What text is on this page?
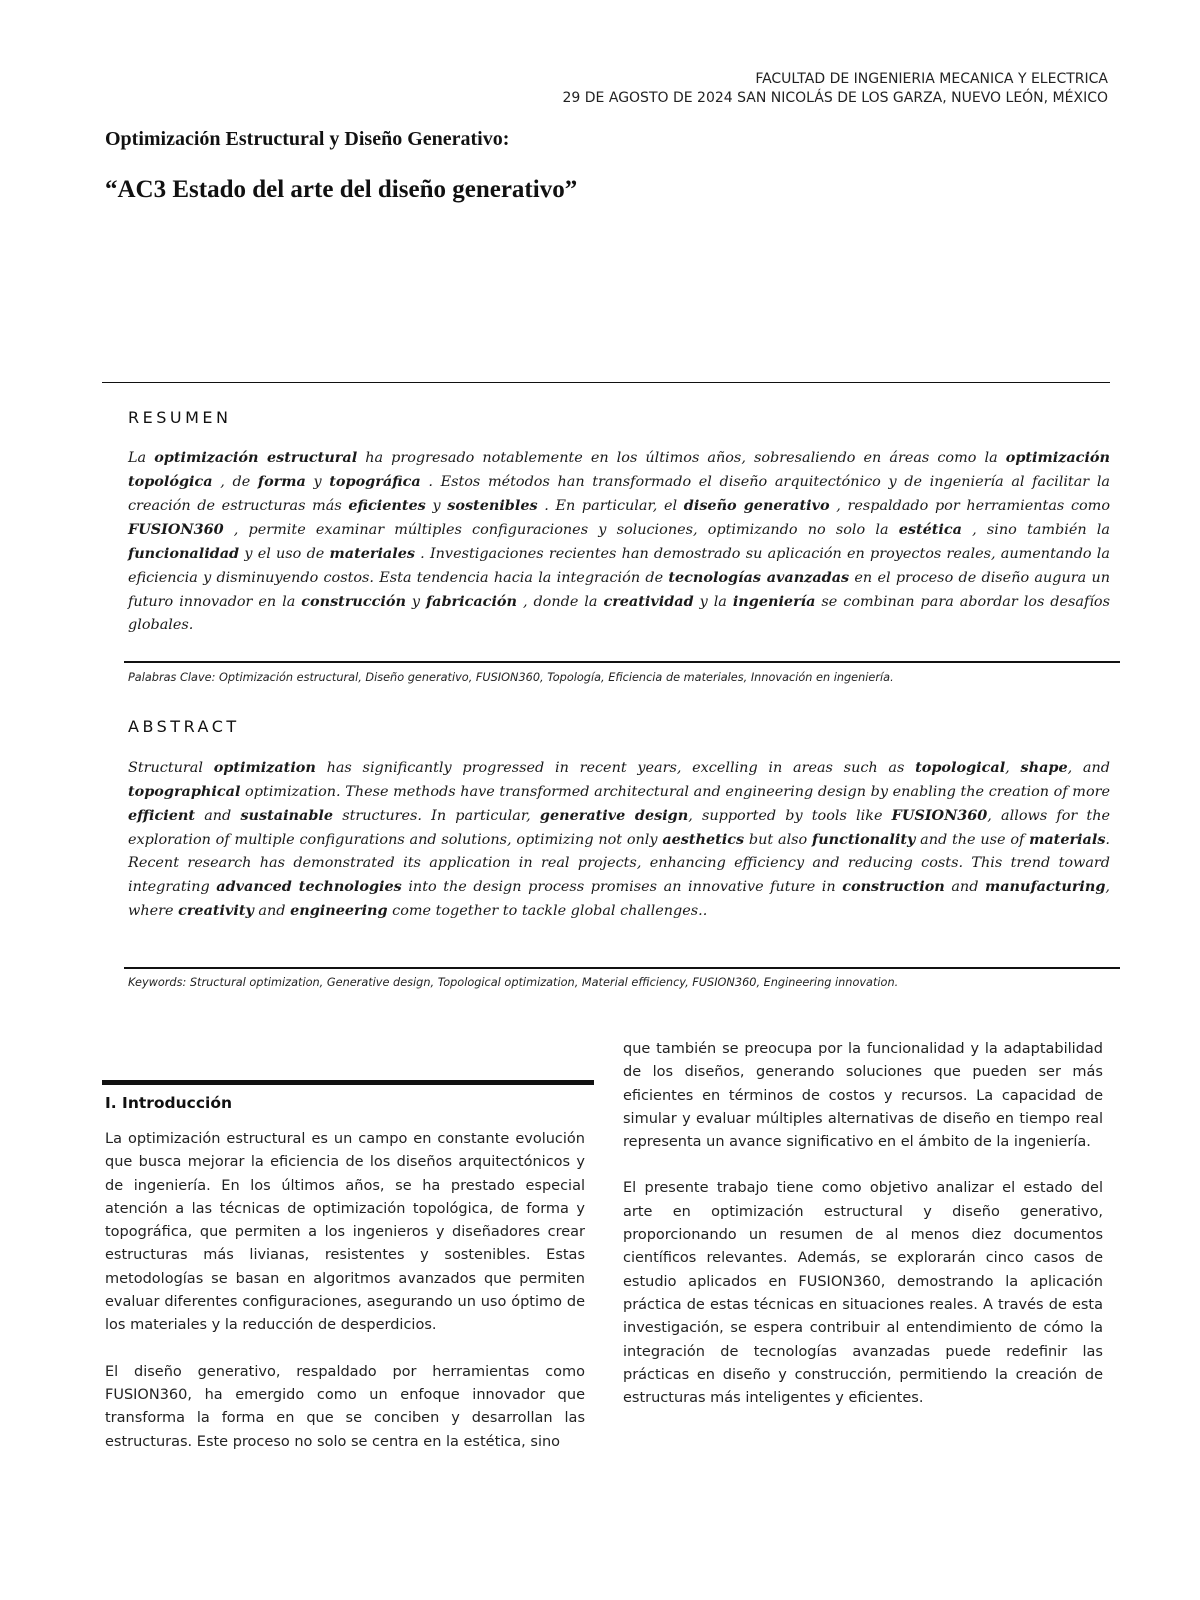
FACULTAD DE INGENIERIA MECANICA Y ELECTRICA
29 DE AGOSTO DE 2024 SAN NICOLÁS DE LOS GARZA, NUEVO LEÓN, MÉXICO
Optimización Estructural y Diseño Generativo:
“AC3 Estado del arte del diseño generativo”
RESUMEN
La optimización estructural ha progresado notablemente en los últimos años, sobresaliendo en áreas como la optimización topológica , de forma y topográfica . Estos métodos han transformado el diseño arquitectónico y de ingeniería al facilitar la creación de estructuras más eficientes y sostenibles . En particular, el diseño generativo , respaldado por herramientas como FUSION360 , permite examinar múltiples configuraciones y soluciones, optimizando no solo la estética , sino también la funcionalidad y el uso de materiales . Investigaciones recientes han demostrado su aplicación en proyectos reales, aumentando la eficiencia y disminuyendo costos. Esta tendencia hacia la integración de tecnologías avanzadas en el proceso de diseño augura un futuro innovador en la construcción y fabricación , donde la creatividad y la ingeniería se combinan para abordar los desafíos globales.
Palabras Clave: Optimización estructural, Diseño generativo, FUSION360, Topología, Eficiencia de materiales, Innovación en ingeniería.
ABSTRACT
Structural optimization has significantly progressed in recent years, excelling in areas such as topological, shape, and topographical optimization. These methods have transformed architectural and engineering design by enabling the creation of more efficient and sustainable structures. In particular, generative design, supported by tools like FUSION360, allows for the exploration of multiple configurations and solutions, optimizing not only aesthetics but also functionality and the use of materials. Recent research has demonstrated its application in real projects, enhancing efficiency and reducing costs. This trend toward integrating advanced technologies into the design process promises an innovative future in construction and manufacturing, where creativity and engineering come together to tackle global challenges..
Keywords: Structural optimization, Generative design, Topological optimization, Material efficiency, FUSION360, Engineering innovation.
I. Introducción

La optimización estructural es un campo en constante evolución que busca mejorar la eficiencia de los diseños arquitectónicos y de ingeniería. En los últimos años, se ha prestado especial atención a las técnicas de optimización topológica, de forma y topográfica, que permiten a los ingenieros y diseñadores crear estructuras más livianas, resistentes y sostenibles. Estas metodologías se basan en algoritmos avanzados que permiten evaluar diferentes configuraciones, asegurando un uso óptimo de los materiales y la reducción de desperdicios.

El diseño generativo, respaldado por herramientas como FUSION360, ha emergido como un enfoque innovador que transforma la forma en que se conciben y desarrollan las estructuras. Este proceso no solo se centra en la estética, sino

que también se preocupa por la funcionalidad y la adaptabilidad de los diseños, generando soluciones que pueden ser más eficientes en términos de costos y recursos. La capacidad de simular y evaluar múltiples alternativas de diseño en tiempo real representa un avance significativo en el ámbito de la ingeniería.

El presente trabajo tiene como objetivo analizar el estado del arte en optimización estructural y diseño generativo, proporcionando un resumen de al menos diez documentos científicos relevantes. Además, se explorarán cinco casos de estudio aplicados en FUSION360, demostrando la aplicación práctica de estas técnicas en situaciones reales. A través de esta investigación, se espera contribuir al entendimiento de cómo la integración de tecnologías avanzadas puede redefinir las prácticas en diseño y construcción, permitiendo la creación de estructuras más inteligentes y eficientes.
